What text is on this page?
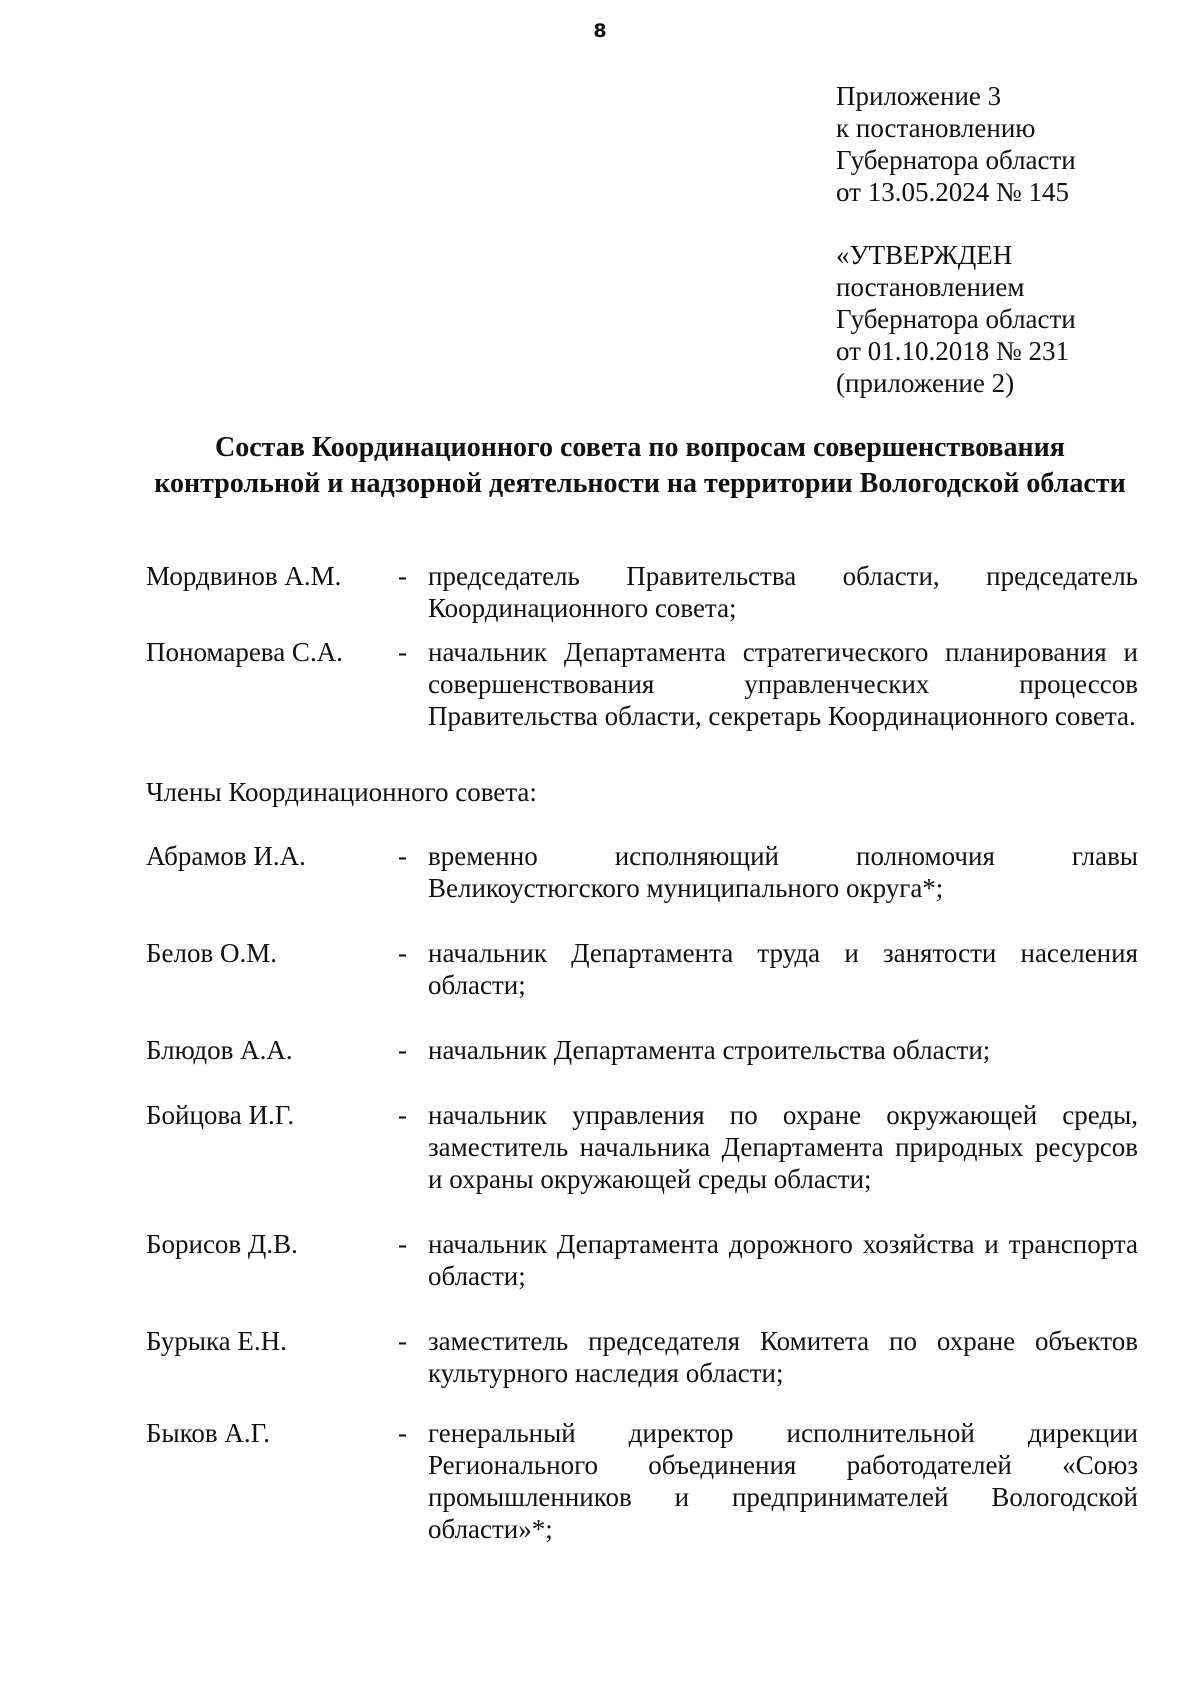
8
Приложение 3
к постановлению
Губернатора области
от 13.05.2024 № 145
«УТВЕРЖДЕН
постановлением
Губернатора области
от 01.10.2018 № 231
(приложение 2)
Состав Координационного совета по вопросам совершенствования
контрольной и надзорной деятельности на территории Вологодской области
Мордвинов А.М. - председатель Правительства области, председатель Координационного совета;
Пономарева С.А. - начальник Департамента стратегического планирования и совершенствования управленческих процессов Правительства области, секретарь Координационного совета.
Члены Координационного совета:
Абрамов И.А.	- временно исполняющий полномочия главы Великоустюгского муниципального округа*;
Белов О.М.	- начальник Департамента труда и занятости населения области;
Блюдов А.А.	- начальник Департамента строительства области;
Бойцова И.Г.	- начальник управления по охране окружающей среды, заместитель начальника Департамента природных ресурсов и охраны окружающей среды области;
Борисов Д.В.	- начальник Департамента дорожного хозяйства и транспорта области;
Бурыка Е.Н.	- заместитель председателя Комитета по охране объектов культурного наследия области;
Быков А.Г.	- генеральный директор исполнительной дирекции Регионального объединения работодателей «Союз промышленников и предпринимателей Вологодской области»*;
